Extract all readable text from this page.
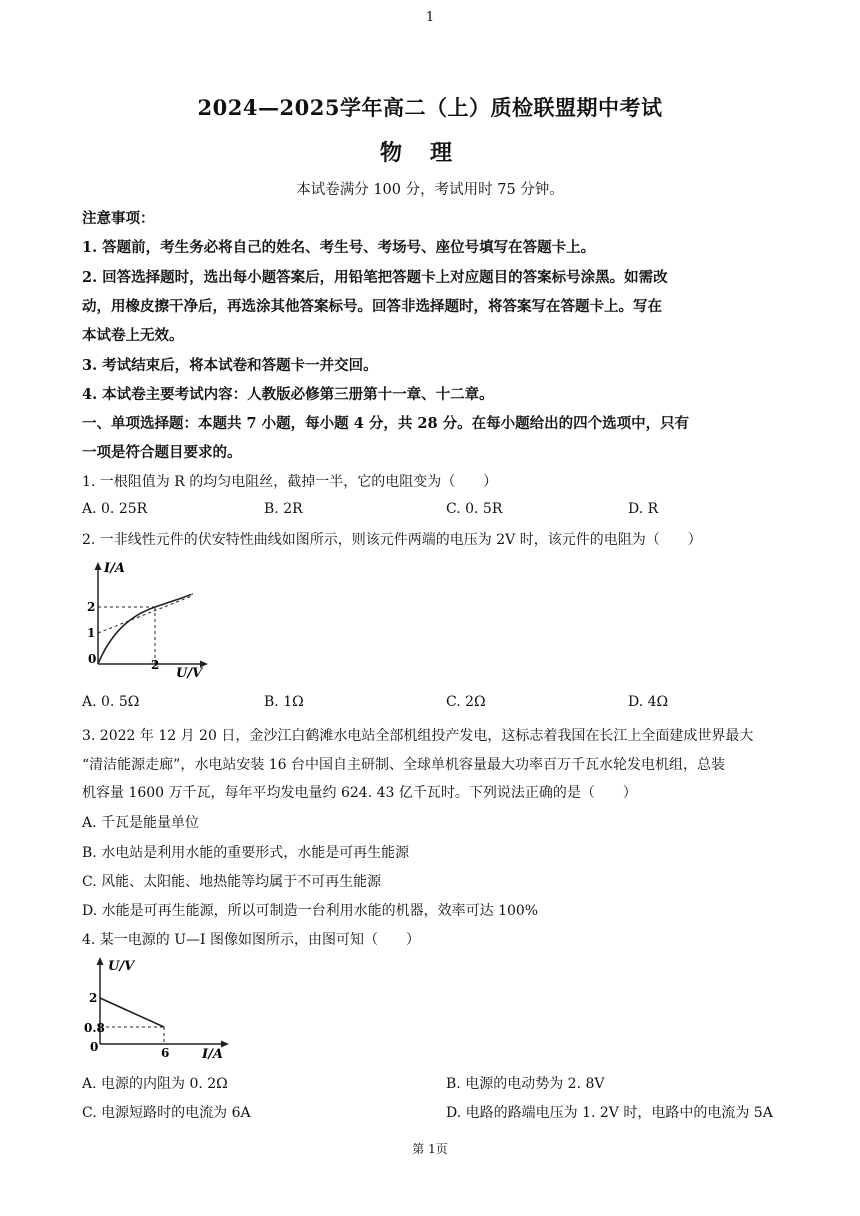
1
2024—2025学年高二（上）质检联盟期中考试
物理
本试卷满分 100 分，考试用时 75 分钟。
注意事项：
1. 答题前，考生务必将自己的姓名、考生号、考场号、座位号填写在答题卡上。
2. 回答选择题时，选出每小题答案后，用铅笔把答题卡上对应题目的答案标号涂黑。如需改
动，用橡皮擦干净后，再选涂其他答案标号。回答非选择题时，将答案写在答题卡上。写在
本试卷上无效。
3. 考试结束后，将本试卷和答题卡一并交回。
4. 本试卷主要考试内容：人教版必修第三册第十一章、十二章。
一、单项选择题：本题共 7 小题，每小题 4 分，共 28 分。在每小题给出的四个选项中，只有
一项是符合题目要求的。
1. 一根阻值为 R 的均匀电阻丝，截掉一半，它的电阻变为（　　）
A. 0. 25R	B. 2R	C. 0. 5R	D. R
2. 一非线性元件的伏安特性曲线如图所示，则该元件两端的电压为 2V 时，该元件的电阻为（　　）
I/A
U/V
2
1
0	2
A. 0. 5Ω	B. 1Ω	C. 2Ω	D. 4Ω
3. 2022 年 12 月 20 日，金沙江白鹤滩水电站全部机组投产发电，这标志着我国在长江上全面建成世界最大
“清洁能源走廊”，水电站安装 16 台中国自主研制、全球单机容量最大功率百万千瓦水轮发电机组，总装
机容量 1600 万千瓦，每年平均发电量约 624. 43 亿千瓦时。下列说法正确的是（　　）
A. 千瓦是能量单位
B. 水电站是利用水能的重要形式，水能是可再生能源
C. 风能、太阳能、地热能等均属于不可再生能源
D. 水能是可再生能源，所以可制造一台利用水能的机器，效率可达 100%
4. 某一电源的 U—I 图像如图所示，由图可知（　　）
U/V
I/A
2
0.8
0	6
A. 电源的内阻为 0. 2Ω	B. 电源的电动势为 2. 8V
C. 电源短路时的电流为 6A	D. 电路的路端电压为 1. 2V 时，电路中的电流为 5A
第 1页
